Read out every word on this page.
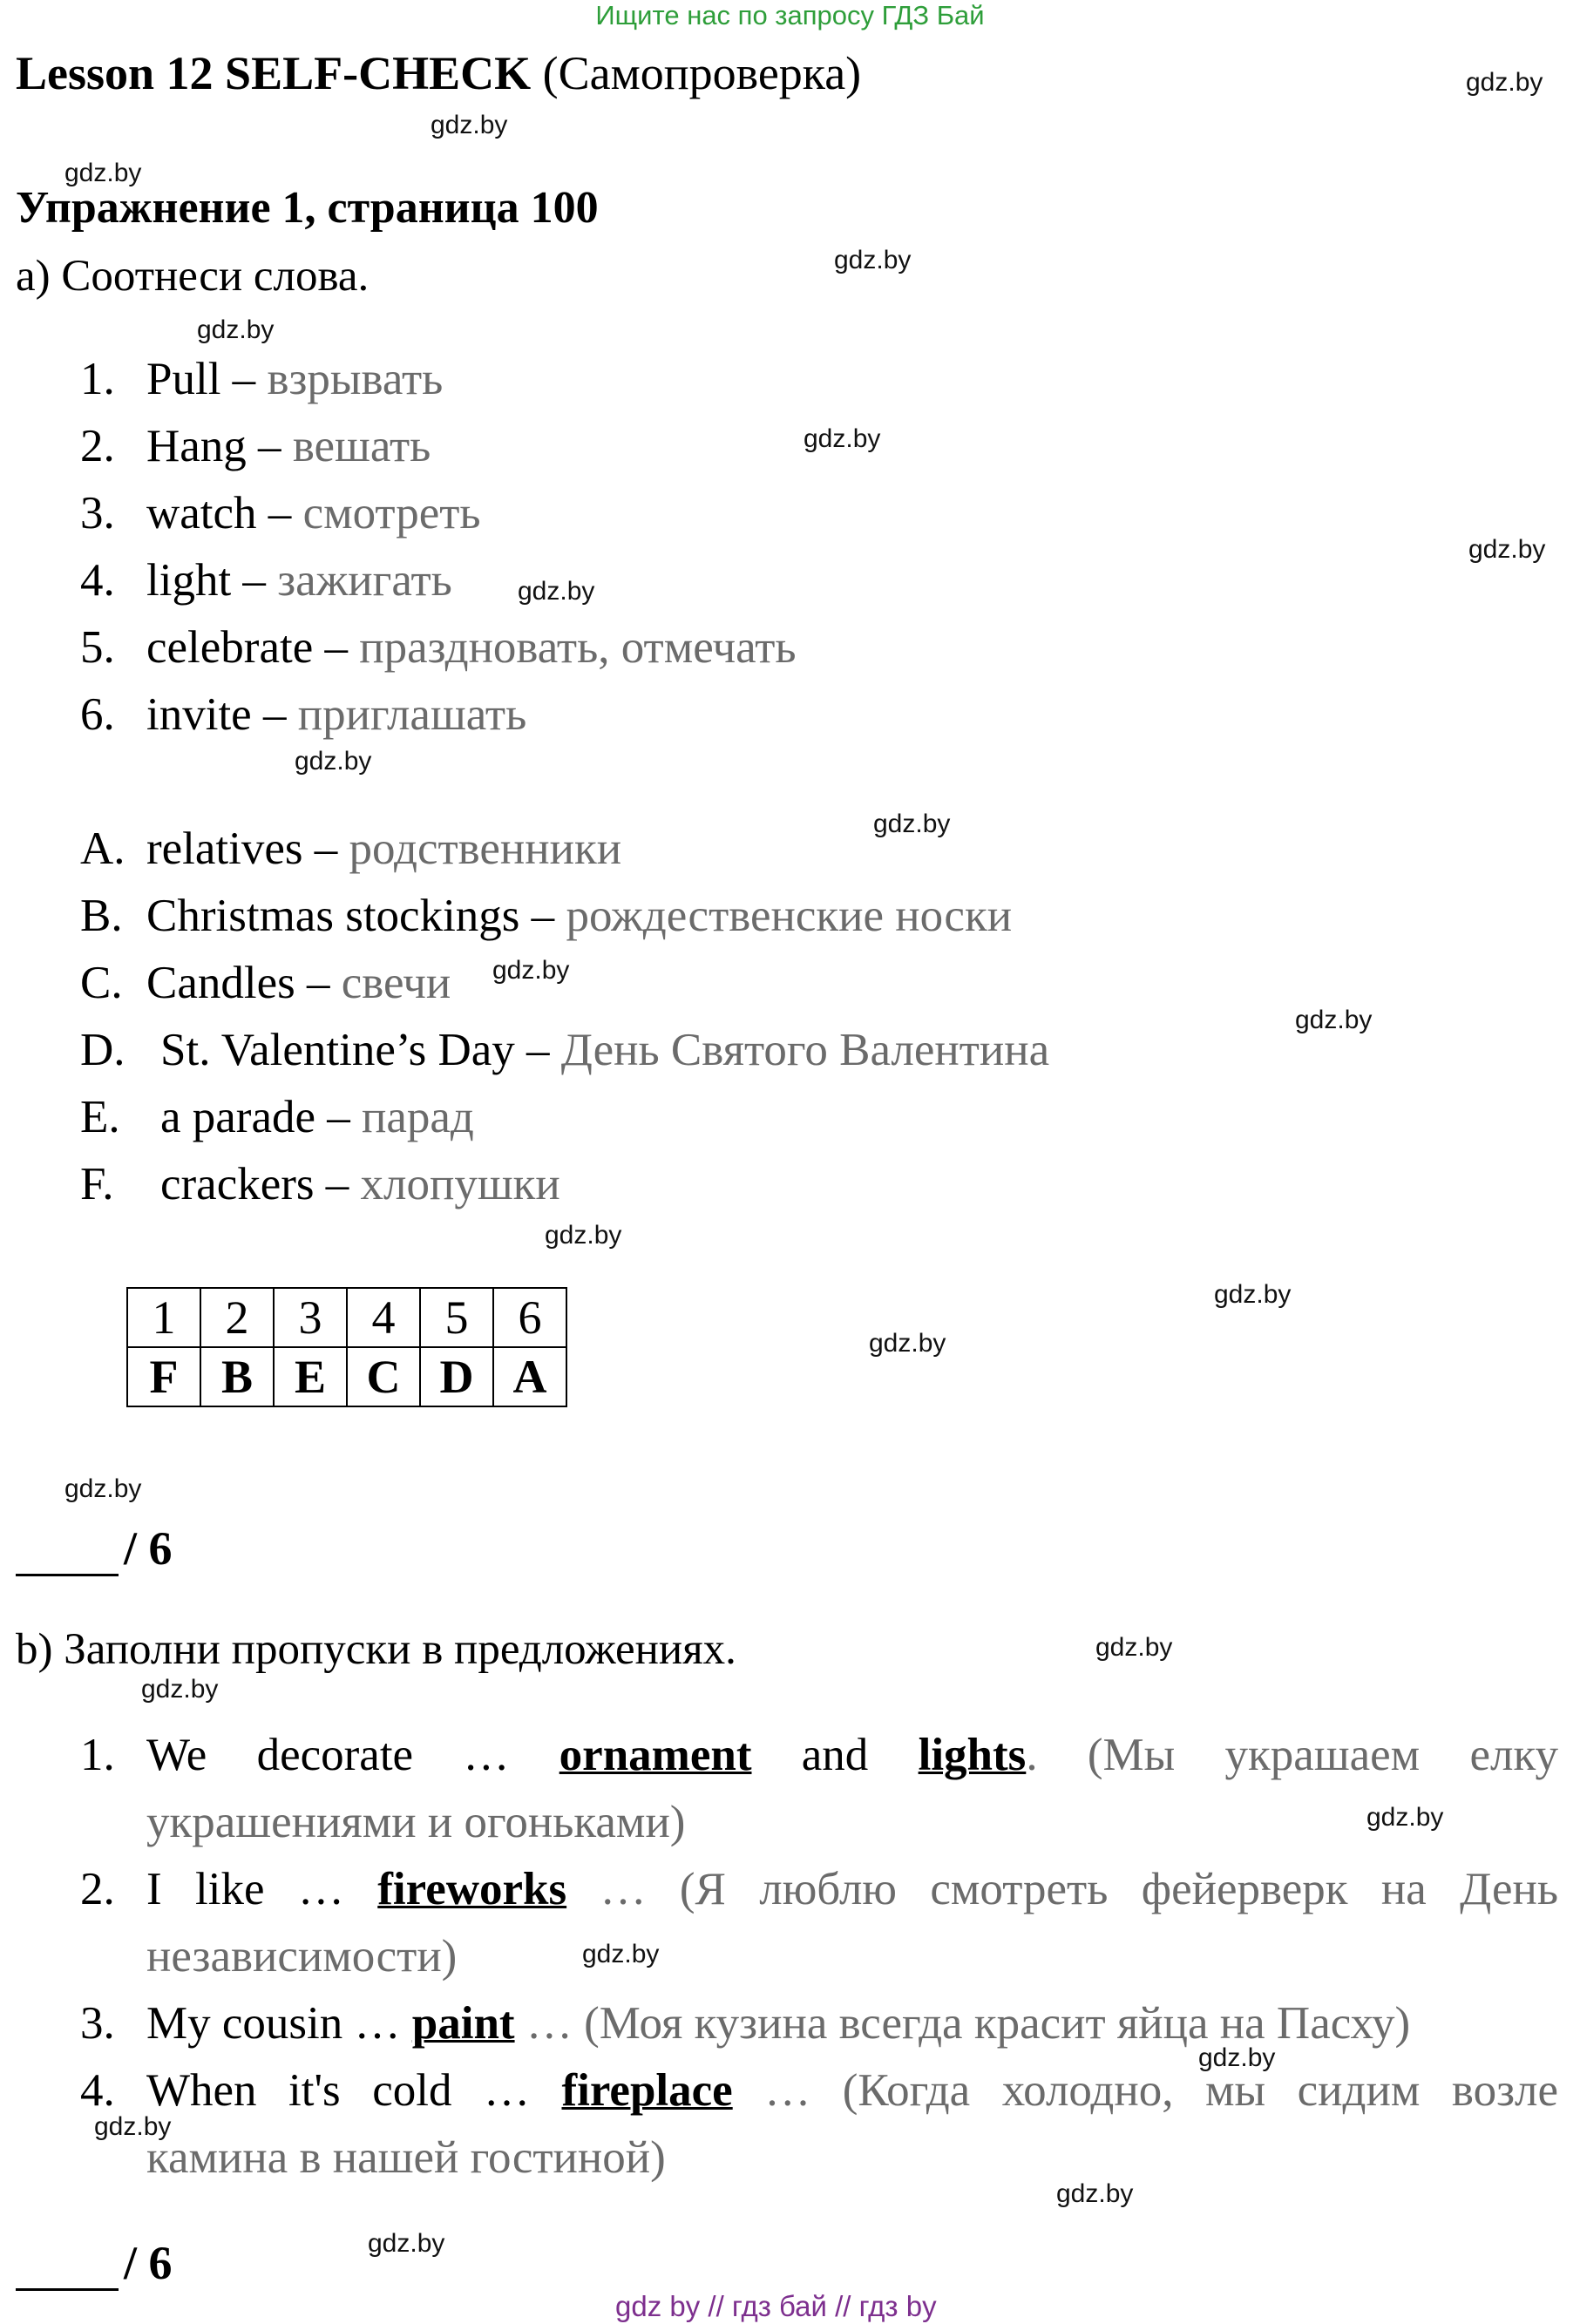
Ищите нас по запросу ГДЗ Бай
Lesson 12 SELF-CHECK (Самопроверка)
Упражнение 1, страница 100
а) Соотнеси слова.
1. Pull – взрывать
2. Hang – вешать
3. watch – смотреть
4. light – зажигать
5. celebrate – праздновать, отмечать
6. invite – приглашать
A. relatives – родственники
B. Christmas stockings – рождественские носки
C. Candles – свечи
D. St. Valentine’s Day – День Святого Валентина
E. a parade – парад
F. crackers – хлопушки
1	2	3	4	5	6
F	B	E	C	D	A
/ 6
b) Заполни пропуски в предложениях.
1. We decorate … ornament and lights. (Мы украшаем елку
украшениями и огоньками)
2. I like … fireworks … (Я люблю смотреть фейерверк на День
независимости)
3. My cousin … paint … (Моя кузина всегда красит яйца на Пасху)
4. When it's cold … fireplace … (Когда холодно, мы сидим возле
камина в нашей гостиной)
/ 6
gdz.by
gdz.by
gdz.by
gdz.by
gdz.by
gdz.by
gdz.by
gdz.by
gdz.by
gdz.by
gdz.by
gdz.by
gdz.by
gdz.by
gdz.by
gdz.by
gdz.by
gdz.by
gdz.by
gdz.by
gdz.by
gdz.by
gdz.by
gdz.by
gdz by // гдз бай // гдз by
